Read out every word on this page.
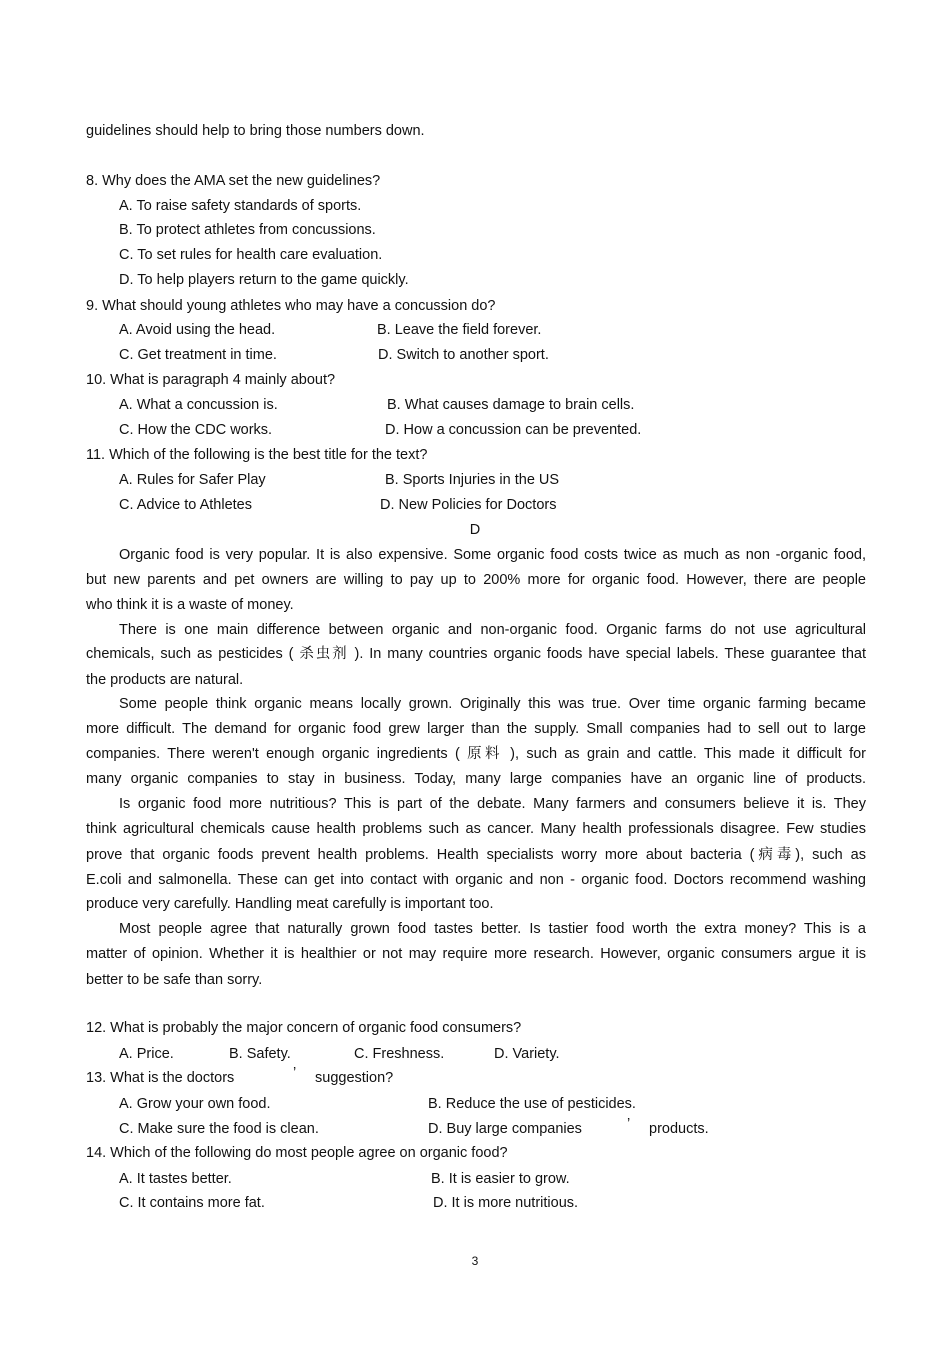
guidelines should help to bring those numbers down.
8. Why does the AMA set the new guidelines?
A. To raise safety standards of sports.
B. To protect athletes from concussions.
C. To set rules for health care evaluation.
D. To help players return to the game quickly.
9. What should young athletes who may have a concussion do?
A. Avoid using the head.	B. Leave the field forever.
C. Get treatment in time.	D. Switch to another sport.
10. What is paragraph 4 mainly about?
A. What a concussion is.	B. What causes damage to brain cells.
C. How the CDC works.	D. How a concussion can be prevented.
11. Which of the following is the best title for the text?
A. Rules for Safer Play	B. Sports Injuries in the US
C. Advice to Athletes	D. New Policies for Doctors
D
Organic food is very popular. It is also expensive. Some organic food costs twice as much as non -organic food,
but new parents and pet owners are willing to pay up to 200% more for organic food. However, there are people
who think it is a waste of money.
There is one main difference between organic and non-organic food. Organic farms do not use agricultural
chemicals, such as pesticides ( 杀虫剂 ). In many countries organic foods have special labels. These guarantee that
the products are natural.
Some people think organic means locally grown. Originally this was true. Over time organic farming became
more difficult. The demand for organic food grew larger than the supply. Small companies had to sell out to large
companies. There weren't enough organic ingredients ( 原料 ), such as grain and cattle. This made it difficult for
many organic companies to stay in business. Today, many large companies have an organic line of products.
Is organic food more nutritious? This is part of the debate. Many farmers and consumers believe it is. They
think agricultural chemicals cause health problems such as cancer. Many health professionals disagree. Few studies
prove that organic foods prevent health problems. Health specialists worry more about bacteria (病毒), such as
E.coli and salmonella. These can get into contact with organic and non - organic food. Doctors recommend washing
produce very carefully. Handling meat carefully is important too.
Most people agree that naturally grown food tastes better. Is tastier food worth the extra money? This is a
matter of opinion. Whether it is healthier or not may require more research. However, organic consumers argue it is
better to be safe than sorry.
12. What is probably the major concern of organic food consumers?
A. Price.	B. Safety.	C. Freshness.	D. Variety.
13. What is the doctors	’ suggestion?
A. Grow your own food.	B. Reduce the use of pesticides.
C. Make sure the food is clean.	D. Buy large companies	’ products.
14. Which of the following do most people agree on organic food?
A. It tastes better.	B. It is easier to grow.
C. It contains more fat.	D. It is more nutritious.
3
